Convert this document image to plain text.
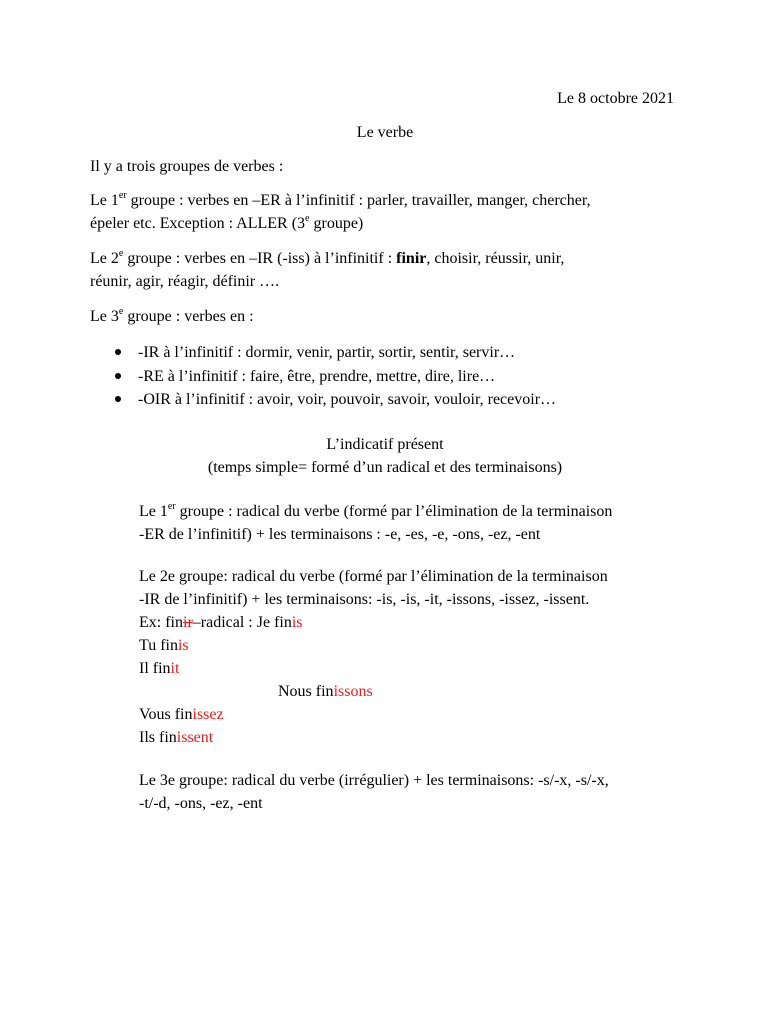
Le 8 octobre 2021
Le verbe
Il y a trois groupes de verbes :
Le 1er groupe : verbes en –ER à l’infinitif : parler, travailler, manger, chercher,
épeler etc. Exception : ALLER (3e groupe)
Le 2e groupe : verbes en –IR (-iss) à l’infinitif : finir, choisir, réussir, unir,
réunir, agir, réagir, définir ….
Le 3e groupe : verbes en :
-IR à l’infinitif : dormir, venir, partir, sortir, sentir, servir…
-RE à l’infinitif : faire, être, prendre, mettre, dire, lire…
-OIR à l’infinitif : avoir, voir, pouvoir, savoir, vouloir, recevoir…
L’indicatif présent
(temps simple= formé d’un radical et des terminaisons)
Le 1er groupe : radical du verbe (formé par l’élimination de la terminaison
-ER de l’infinitif) + les terminaisons : -e, -es, -e, -ons, -ez, -ent
Le 2e groupe: radical du verbe (formé par l’élimination de la terminaison
-IR de l’infinitif) + les terminaisons: -is, -is, -it, -issons, -issez, -issent.
Ex: finir–radical : Je finis
Tu finis
Il finit
Nous finissons
Vous finissez
Ils finissent
Le 3e groupe: radical du verbe (irrégulier) + les terminaisons: -s/-x, -s/-x,
-t/-d, -ons, -ez, -ent
